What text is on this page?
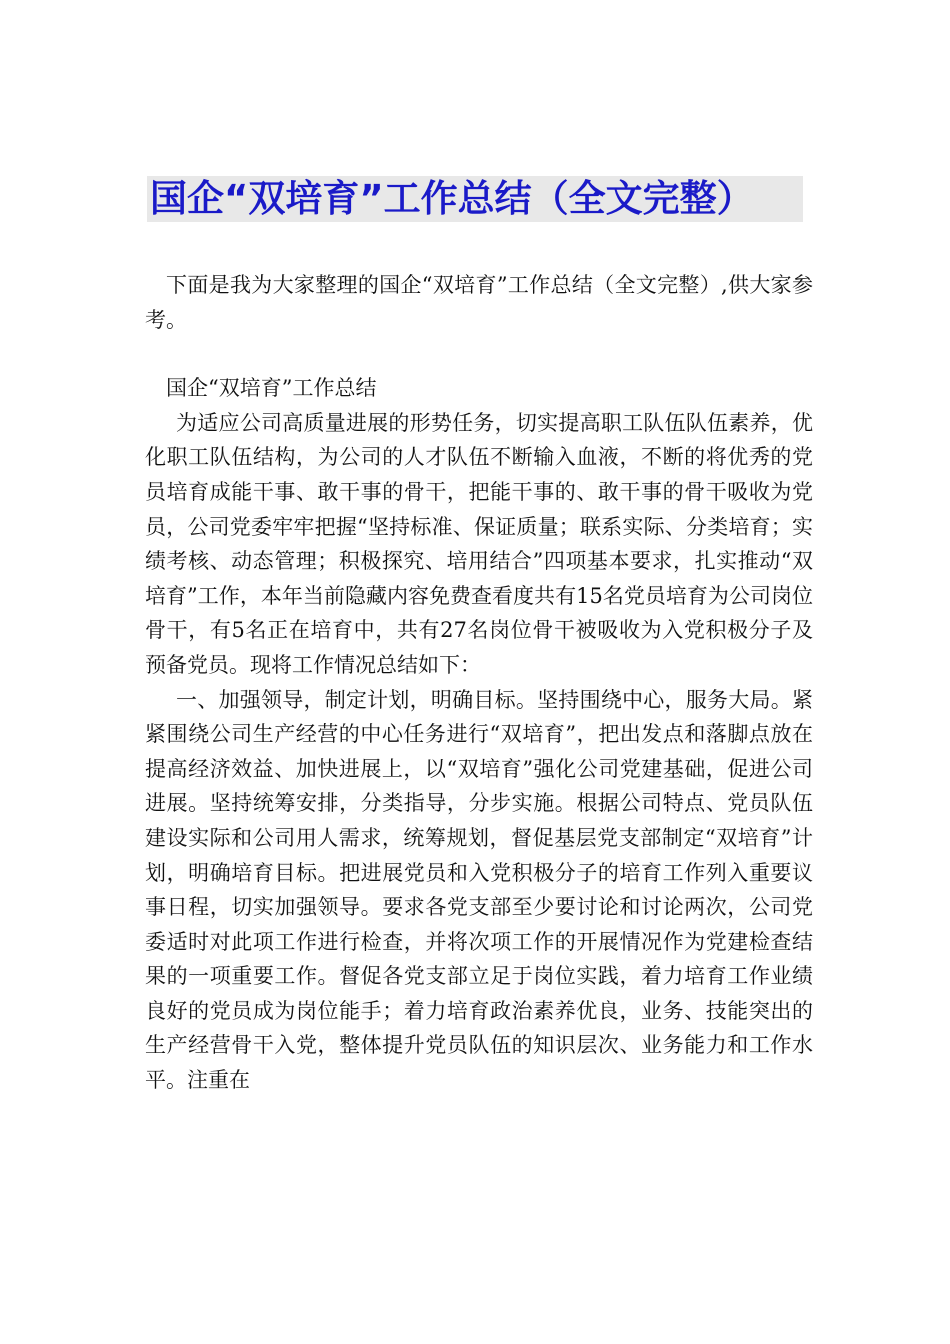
国企“双培育”工作总结（全文完整）

下面是我为大家整理的国企“双培育”工作总结（全文完整）,供大家参考。

国企“双培育”工作总结

为适应公司高质量进展的形势任务，切实提高职工队伍队伍素养，优化职工队伍结构，为公司的人才队伍不断输入血液，不断的将优秀的党员培育成能干事、敢干事的骨干，把能干事的、敢干事的骨干吸收为党员，公司党委牢牢把握“坚持标准、保证质量；联系实际、分类培育；实绩考核、动态管理；积极探究、培用结合”四项基本要求，扎实推动“双培育”工作，本年当前隐藏内容免费查看度共有15名党员培育为公司岗位骨干，有5名正在培育中，共有27名岗位骨干被吸收为入党积极分子及预备党员。现将工作情况总结如下：

一、加强领导，制定计划，明确目标。坚持围绕中心，服务大局。紧紧围绕公司生产经营的中心任务进行“双培育”，把出发点和落脚点放在提高经济效益、加快进展上，以“双培育”强化公司党建基础，促进公司进展。坚持统筹安排，分类指导，分步实施。根据公司特点、党员队伍建设实际和公司用人需求，统筹规划，督促基层党支部制定“双培育”计划，明确培育目标。把进展党员和入党积极分子的培育工作列入重要议事日程，切实加强领导。要求各党支部至少要讨论和讨论两次，公司党委适时对此项工作进行检查，并将次项工作的开展情况作为党建检查结果的一项重要工作。督促各党支部立足于岗位实践，着力培育工作业绩良好的党员成为岗位能手；着力培育政治素养优良，业务、技能突出的生产经营骨干入党，整体提升党员队伍的知识层次、业务能力和工作水平。注重在
